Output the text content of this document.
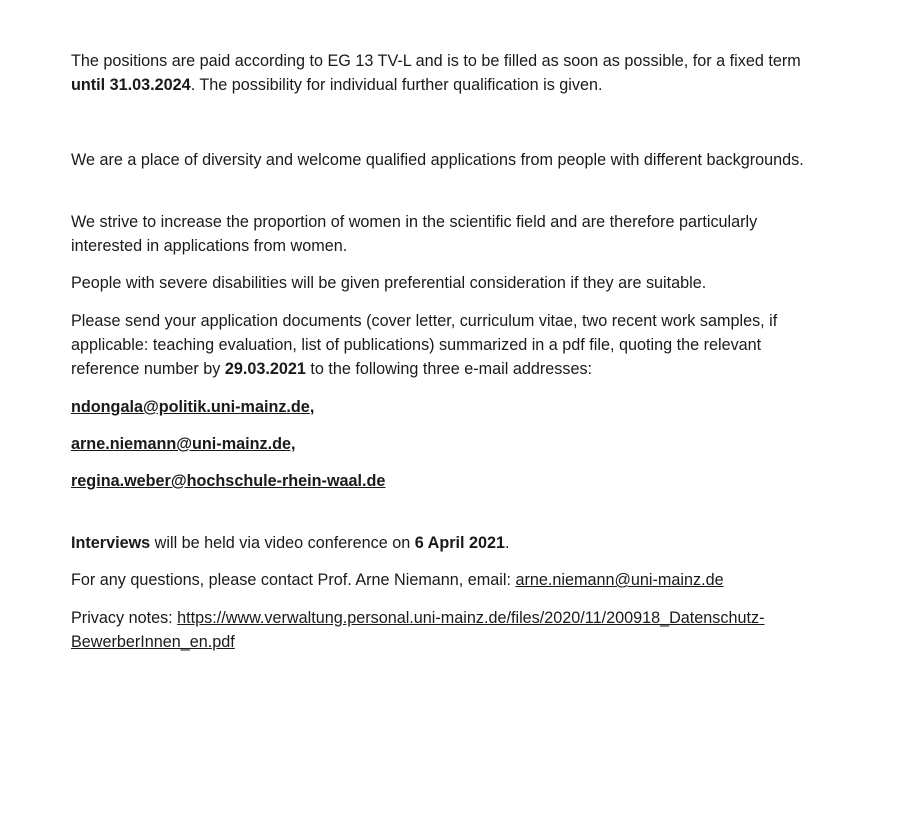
The positions are paid according to EG 13 TV-L and is to be filled as soon as possible, for a fixed term until 31.03.2024. The possibility for individual further qualification is given.

We are a place of diversity and welcome qualified applications from people with different backgrounds.

We strive to increase the proportion of women in the scientific field and are therefore particularly interested in applications from women.

People with severe disabilities will be given preferential consideration if they are suitable.

Please send your application documents (cover letter, curriculum vitae, two recent work samples, if applicable: teaching evaluation, list of publications) summarized in a pdf file, quoting the relevant reference number by 29.03.2021 to the following three e-mail addresses:

ndongala@politik.uni-mainz.de,

arne.niemann@uni-mainz.de,

regina.weber@hochschule-rhein-waal.de

Interviews will be held via video conference on 6 April 2021.

For any questions, please contact Prof. Arne Niemann, email: arne.niemann@uni-mainz.de

Privacy notes: https://www.verwaltung.personal.uni-mainz.de/files/2020/11/200918_Datenschutz-
BewerberInnen_en.pdf
